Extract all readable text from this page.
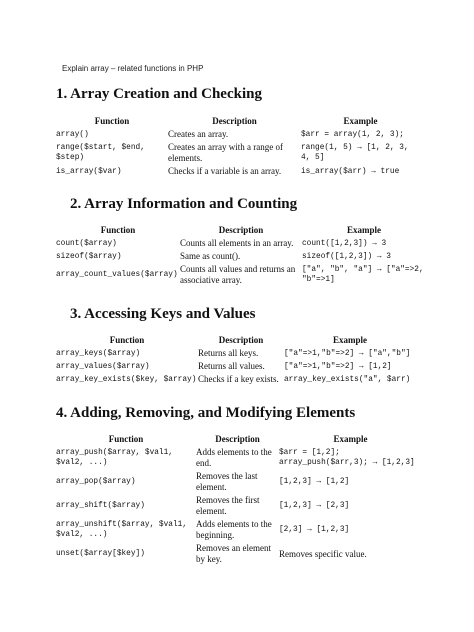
Explain array – related functions in PHP
1. Array Creation and Checking
Function	Description	Example
array()	Creates an array.	$arr = array(1, 2, 3);
range($start, $end, $step)	Creates an array with a range of elements.	range(1, 5) → [1, 2, 3, 4, 5]
is_array($var)	Checks if a variable is an array.	is_array($arr) → true
2. Array Information and Counting
Function	Description	Example
count($array)	Counts all elements in an array.	count([1,2,3]) → 3
sizeof($array)	Same as count().	sizeof([1,2,3]) → 3
array_count_values($array)	Counts all values and returns an associative array.	["a", "b", "a"] → ["a"=>2, "b"=>1]
3. Accessing Keys and Values
Function	Description	Example
array_keys($array)	Returns all keys.	["a"=>1,"b"=>2] → ["a","b"]
array_values($array)	Returns all values.	["a"=>1,"b"=>2] → [1,2]
array_key_exists($key, $array)	Checks if a key exists.	array_key_exists("a", $arr)
4. Adding, Removing, and Modifying Elements
Function	Description	Example
array_push($array, $val1, $val2, ...)	Adds elements to the end.	$arr = [1,2]; array_push($arr,3); → [1,2,3]
array_pop($array)	Removes the last element.	[1,2,3] → [1,2]
array_shift($array)	Removes the first element.	[1,2,3] → [2,3]
array_unshift($array, $val1, $val2, ...)	Adds elements to the beginning.	[2,3] → [1,2,3]
unset($array[$key])	Removes an element by key.	Removes specific value.
